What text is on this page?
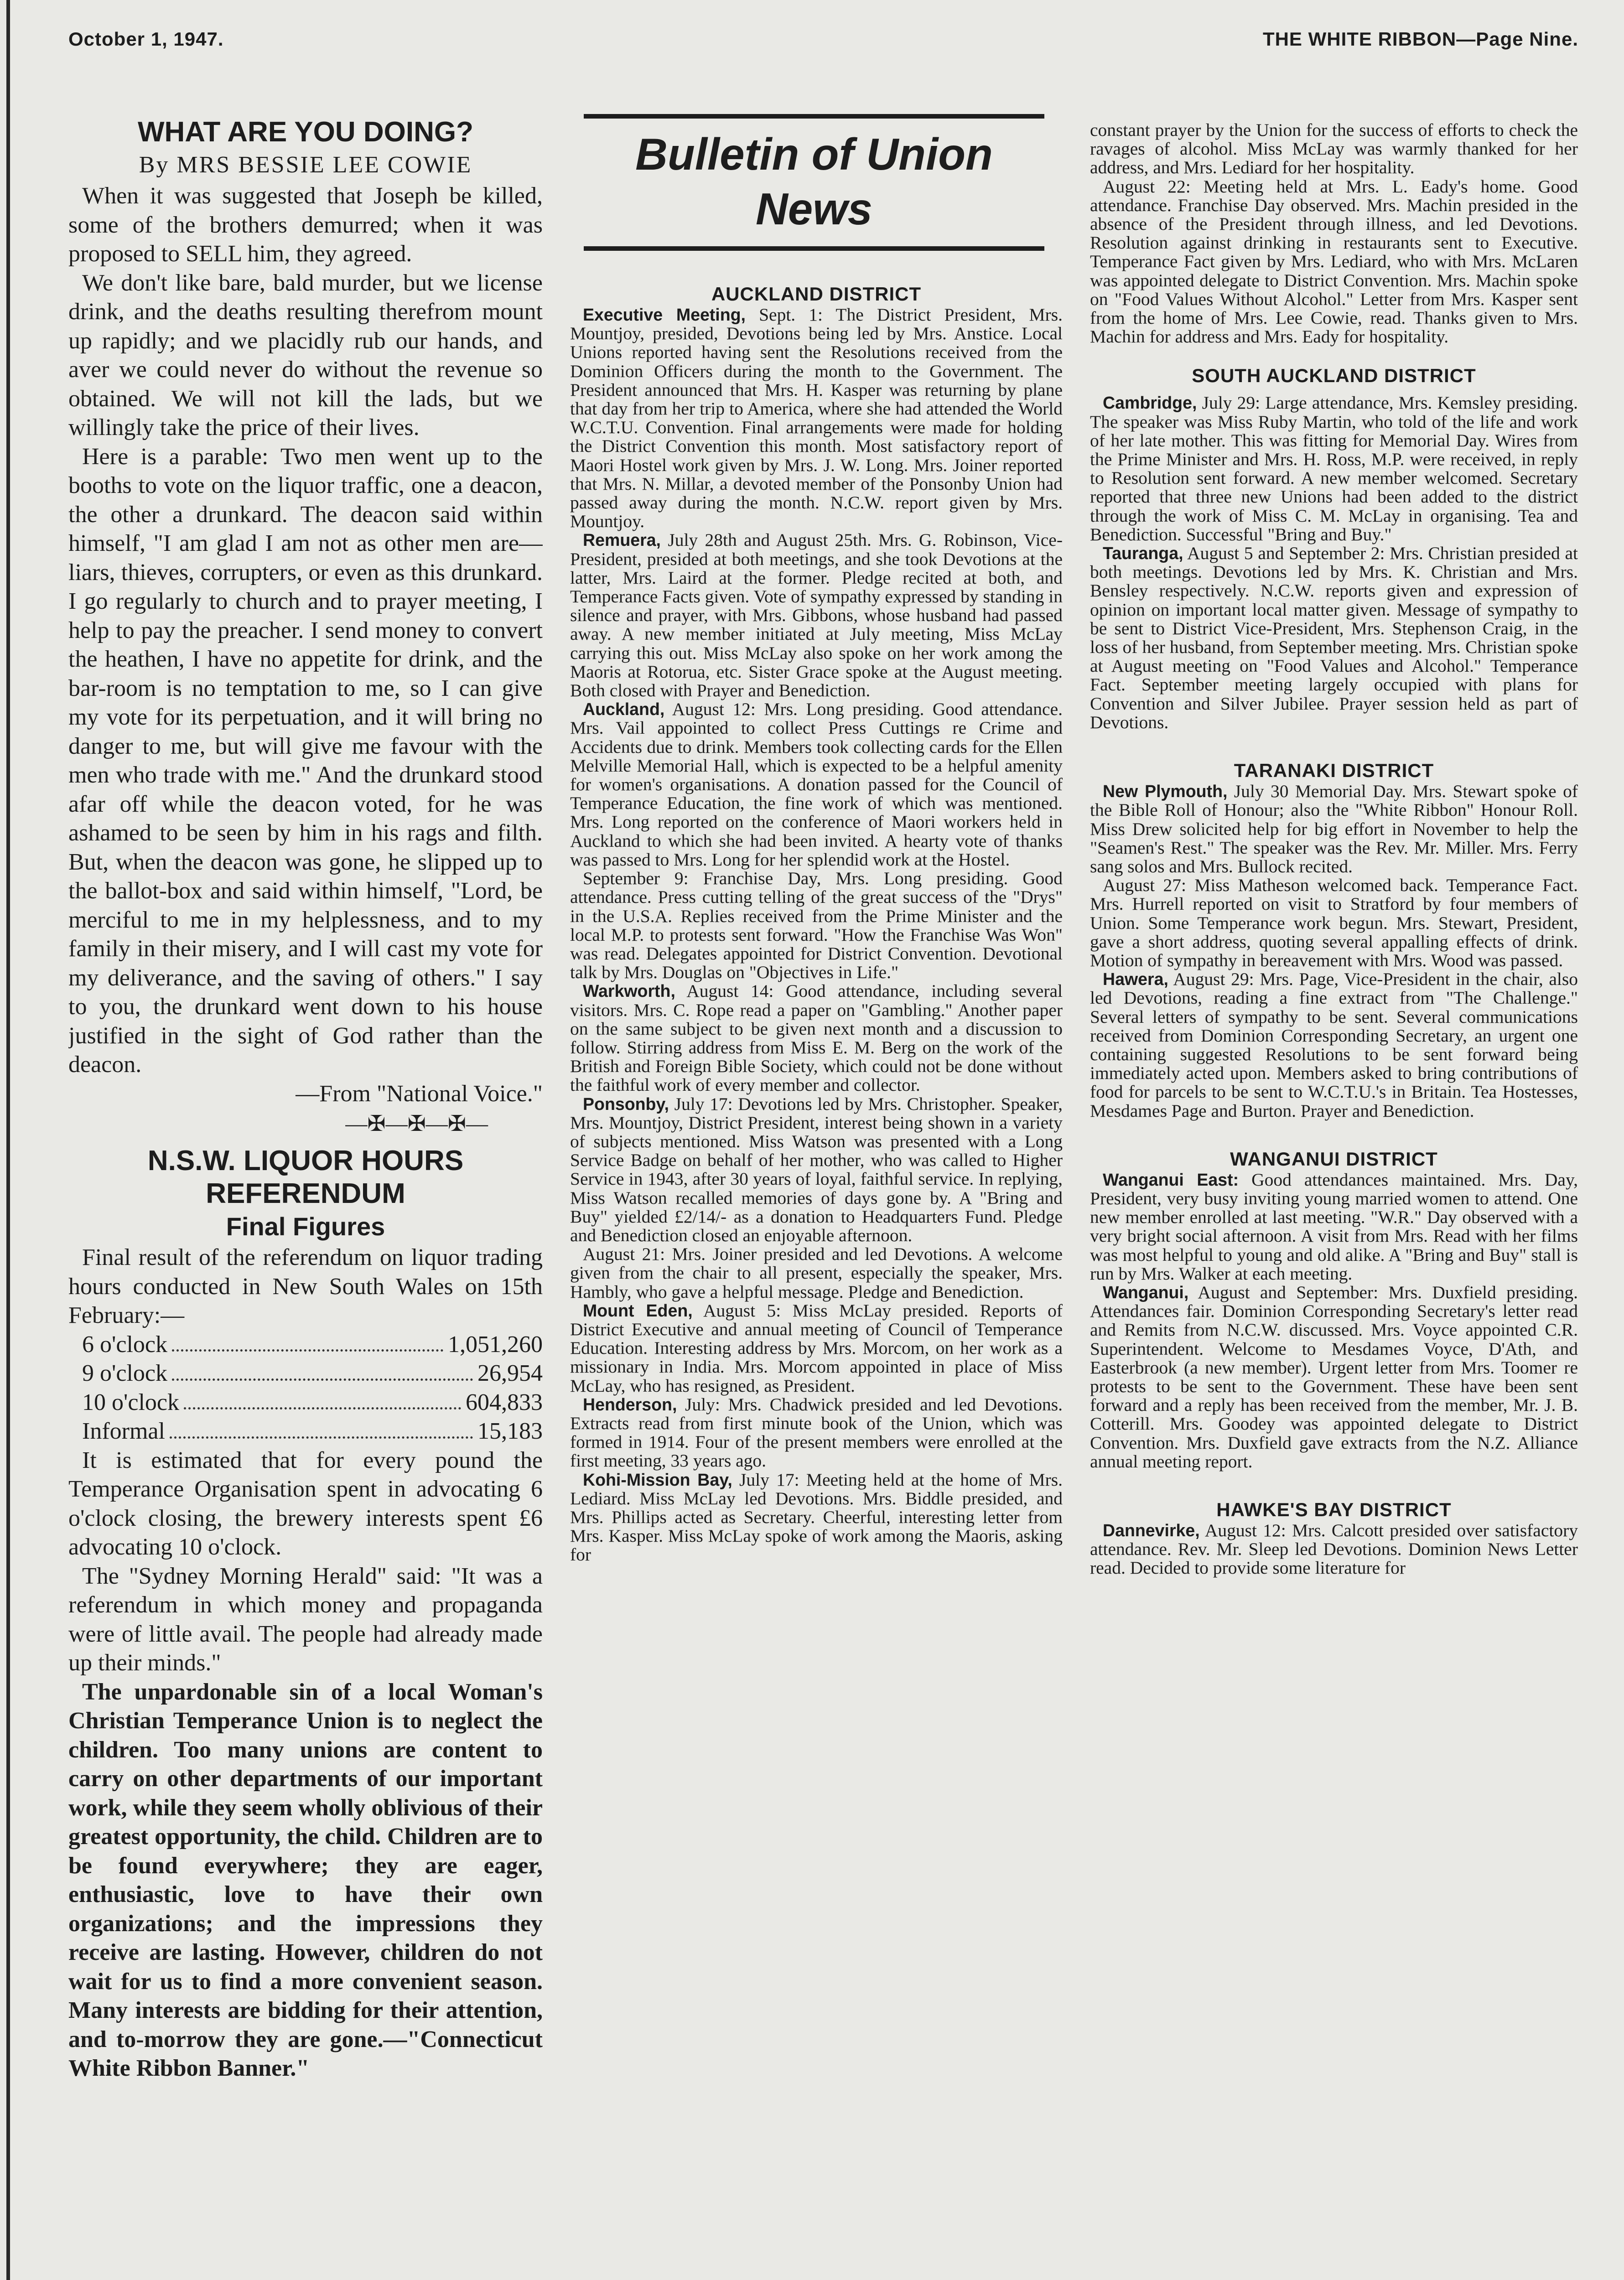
October 1, 1947.	THE WHITE RIBBON—Page Nine.
WHAT ARE YOU DOING?
By MRS BESSIE LEE COWIE

When it was suggested that Joseph be killed, some of the brothers demurred; when it was proposed to SELL him, they agreed.

We don't like bare, bald murder, but we license drink, and the deaths resulting therefrom mount up rapidly; and we placidly rub our hands, and aver we could never do without the revenue so obtained. We will not kill the lads, but we willingly take the price of their lives.

Here is a parable: Two men went up to the booths to vote on the liquor traffic, one a deacon, the other a drunkard. The deacon said within himself, "I am glad I am not as other men are—liars, thieves, corrupters, or even as this drunkard. I go regularly to church and to prayer meeting, I help to pay the preacher. I send money to convert the heathen, I have no appetite for drink, and the bar-room is no temptation to me, so I can give my vote for its perpetuation, and it will bring no danger to me, but will give me favour with the men who trade with me." And the drunkard stood afar off while the deacon voted, for he was ashamed to be seen by him in his rags and filth. But, when the deacon was gone, he slipped up to the ballot-box and said within himself, "Lord, be merciful to me in my helplessness, and to my family in their misery, and I will cast my vote for my deliverance, and the saving of others." I say to you, the drunkard went down to his house justified in the sight of God rather than the deacon.

—From "National Voice."

—✠—✠—✠—
N.S.W. LIQUOR HOURS
REFERENDUM
Final Figures

Final result of the referendum on liquor trading hours conducted in New South Wales on 15th February:—

6 o'clock	1,051,260
9 o'clock	26,954
10 o'clock	604,833
Informal	15,183

It is estimated that for every pound the Temperance Organisation spent in advocating 6 o'clock closing, the brewery interests spent £6 advocating 10 o'clock.

The "Sydney Morning Herald" said: "It was a referendum in which money and propaganda were of little avail. The people had already made up their minds."

The unpardonable sin of a local Woman's Christian Temperance Union is to neglect the children. Too many unions are content to carry on other departments of our important work, while they seem wholly oblivious of their greatest opportunity, the child. Children are to be found everywhere; they are eager, enthusiastic, love to have their own organizations; and the impressions they receive are lasting. However, children do not wait for us to find a more convenient season. Many interests are bidding for their attention, and to-morrow they are gone.—"Connecticut White Ribbon Banner."

Bulletin of Union News
AUCKLAND DISTRICT

Executive Meeting, Sept. 1: The District President, Mrs. Mountjoy, presided, Devotions being led by Mrs. Anstice. Local Unions reported having sent the Resolutions received from the Dominion Officers during the month to the Government. The President announced that Mrs. H. Kasper was returning by plane that day from her trip to America, where she had attended the World W.C.T.U. Convention. Final arrangements were made for holding the District Convention this month. Most satisfactory report of Maori Hostel work given by Mrs. J. W. Long. Mrs. Joiner reported that Mrs. N. Millar, a devoted member of the Ponsonby Union had passed away during the month. N.C.W. report given by Mrs. Mountjoy.

Remuera, July 28th and August 25th. Mrs. G. Robinson, Vice-President, presided at both meetings, and she took Devotions at the latter, Mrs. Laird at the former. Pledge recited at both, and Temperance Facts given. Vote of sympathy expressed by standing in silence and prayer, with Mrs. Gibbons, whose husband had passed away. A new member initiated at July meeting, Miss McLay carrying this out. Miss McLay also spoke on her work among the Maoris at Rotorua, etc. Sister Grace spoke at the August meeting. Both closed with Prayer and Benediction.

Auckland, August 12: Mrs. Long presiding. Good attendance. Mrs. Vail appointed to collect Press Cuttings re Crime and Accidents due to drink. Members took collecting cards for the Ellen Melville Memorial Hall, which is expected to be a helpful amenity for women's organisations. A donation passed for the Council of Temperance Education, the fine work of which was mentioned. Mrs. Long reported on the conference of Maori workers held in Auckland to which she had been invited. A hearty vote of thanks was passed to Mrs. Long for her splendid work at the Hostel.

September 9: Franchise Day, Mrs. Long presiding. Good attendance. Press cutting telling of the great success of the "Drys" in the U.S.A. Replies received from the Prime Minister and the local M.P. to protests sent forward. "How the Franchise Was Won" was read. Delegates appointed for District Convention. Devotional talk by Mrs. Douglas on "Objectives in Life."

Warkworth, August 14: Good attendance, including several visitors. Mrs. C. Rope read a paper on "Gambling." Another paper on the same subject to be given next month and a discussion to follow. Stirring address from Miss E. M. Berg on the work of the British and Foreign Bible Society, which could not be done without the faithful work of every member and collector.

Ponsonby, July 17: Devotions led by Mrs. Christopher. Speaker, Mrs. Mountjoy, District President, interest being shown in a variety of subjects mentioned. Miss Watson was presented with a Long Service Badge on behalf of her mother, who was called to Higher Service in 1943, after 30 years of loyal, faithful service. In replying, Miss Watson recalled memories of days gone by. A "Bring and Buy" yielded £2/14/- as a donation to Headquarters Fund. Pledge and Benediction closed an enjoyable afternoon.

August 21: Mrs. Joiner presided and led Devotions. A welcome given from the chair to all present, especially the speaker, Mrs. Hambly, who gave a helpful message. Pledge and Benediction.

Mount Eden, August 5: Miss McLay presided. Reports of District Executive and annual meeting of Council of Temperance Education. Interesting address by Mrs. Morcom, on her work as a missionary in India. Mrs. Morcom appointed in place of Miss McLay, who has resigned, as President.

Henderson, July: Mrs. Chadwick presided and led Devotions. Extracts read from first minute book of the Union, which was formed in 1914. Four of the present members were enrolled at the first meeting, 33 years ago.

Kohi-Mission Bay, July 17: Meeting held at the home of Mrs. Lediard. Miss McLay led Devotions. Mrs. Biddle presided, and Mrs. Phillips acted as Secretary. Cheerful, interesting letter from Mrs. Kasper. Miss McLay spoke of work among the Maoris, asking for

constant prayer by the Union for the success of efforts to check the ravages of alcohol. Miss McLay was warmly thanked for her address, and Mrs. Lediard for her hospitality.

August 22: Meeting held at Mrs. L. Eady's home. Good attendance. Franchise Day observed. Mrs. Machin presided in the absence of the President through illness, and led Devotions. Resolution against drinking in restaurants sent to Executive. Temperance Fact given by Mrs. Lediard, who with Mrs. McLaren was appointed delegate to District Convention. Mrs. Machin spoke on "Food Values Without Alcohol." Letter from Mrs. Kasper sent from the home of Mrs. Lee Cowie, read. Thanks given to Mrs. Machin for address and Mrs. Eady for hospitality.

SOUTH AUCKLAND DISTRICT

Cambridge, July 29: Large attendance, Mrs. Kemsley presiding. The speaker was Miss Ruby Martin, who told of the life and work of her late mother. This was fitting for Memorial Day. Wires from the Prime Minister and Mrs. H. Ross, M.P. were received, in reply to Resolution sent forward. A new member welcomed. Secretary reported that three new Unions had been added to the district through the work of Miss C. M. McLay in organising. Tea and Benediction. Successful "Bring and Buy."

Tauranga, August 5 and September 2: Mrs. Christian presided at both meetings. Devotions led by Mrs. K. Christian and Mrs. Bensley respectively. N.C.W. reports given and expression of opinion on important local matter given. Message of sympathy to be sent to District Vice-President, Mrs. Stephenson Craig, in the loss of her husband, from September meeting. Mrs. Christian spoke at August meeting on "Food Values and Alcohol." Temperance Fact. September meeting largely occupied with plans for Convention and Silver Jubilee. Prayer session held as part of Devotions.

TARANAKI DISTRICT

New Plymouth, July 30 Memorial Day. Mrs. Stewart spoke of the Bible Roll of Honour; also the "White Ribbon" Honour Roll. Miss Drew solicited help for big effort in November to help the "Seamen's Rest." The speaker was the Rev. Mr. Miller. Mrs. Ferry sang solos and Mrs. Bullock recited.

August 27: Miss Matheson welcomed back. Temperance Fact. Mrs. Hurrell reported on visit to Stratford by four members of Union. Some Temperance work begun. Mrs. Stewart, President, gave a short address, quoting several appalling effects of drink. Motion of sympathy in bereavement with Mrs. Wood was passed.

Hawera, August 29: Mrs. Page, Vice-President in the chair, also led Devotions, reading a fine extract from "The Challenge." Several letters of sympathy to be sent. Several communications received from Dominion Corresponding Secretary, an urgent one containing suggested Resolutions to be sent forward being immediately acted upon. Members asked to bring contributions of food for parcels to be sent to W.C.T.U.'s in Britain. Tea Hostesses, Mesdames Page and Burton. Prayer and Benediction.

WANGANUI DISTRICT

Wanganui East: Good attendances maintained. Mrs. Day, President, very busy inviting young married women to attend. One new member enrolled at last meeting. "W.R." Day observed with a very bright social afternoon. A visit from Mrs. Read with her films was most helpful to young and old alike. A "Bring and Buy" stall is run by Mrs. Walker at each meeting.

Wanganui, August and September: Mrs. Duxfield presiding. Attendances fair. Dominion Corresponding Secretary's letter read and Remits from N.C.W. discussed. Mrs. Voyce appointed C.R. Superintendent. Welcome to Mesdames Voyce, D'Ath, and Easterbrook (a new member). Urgent letter from Mrs. Toomer re protests to be sent to the Government. These have been sent forward and a reply has been received from the member, Mr. J. B. Cotterill. Mrs. Goodey was appointed delegate to District Convention. Mrs. Duxfield gave extracts from the N.Z. Alliance annual meeting report.

HAWKE'S BAY DISTRICT

Dannevirke, August 12: Mrs. Calcott presided over satisfactory attendance. Rev. Mr. Sleep led Devotions. Dominion News Letter read. Decided to provide some literature for
